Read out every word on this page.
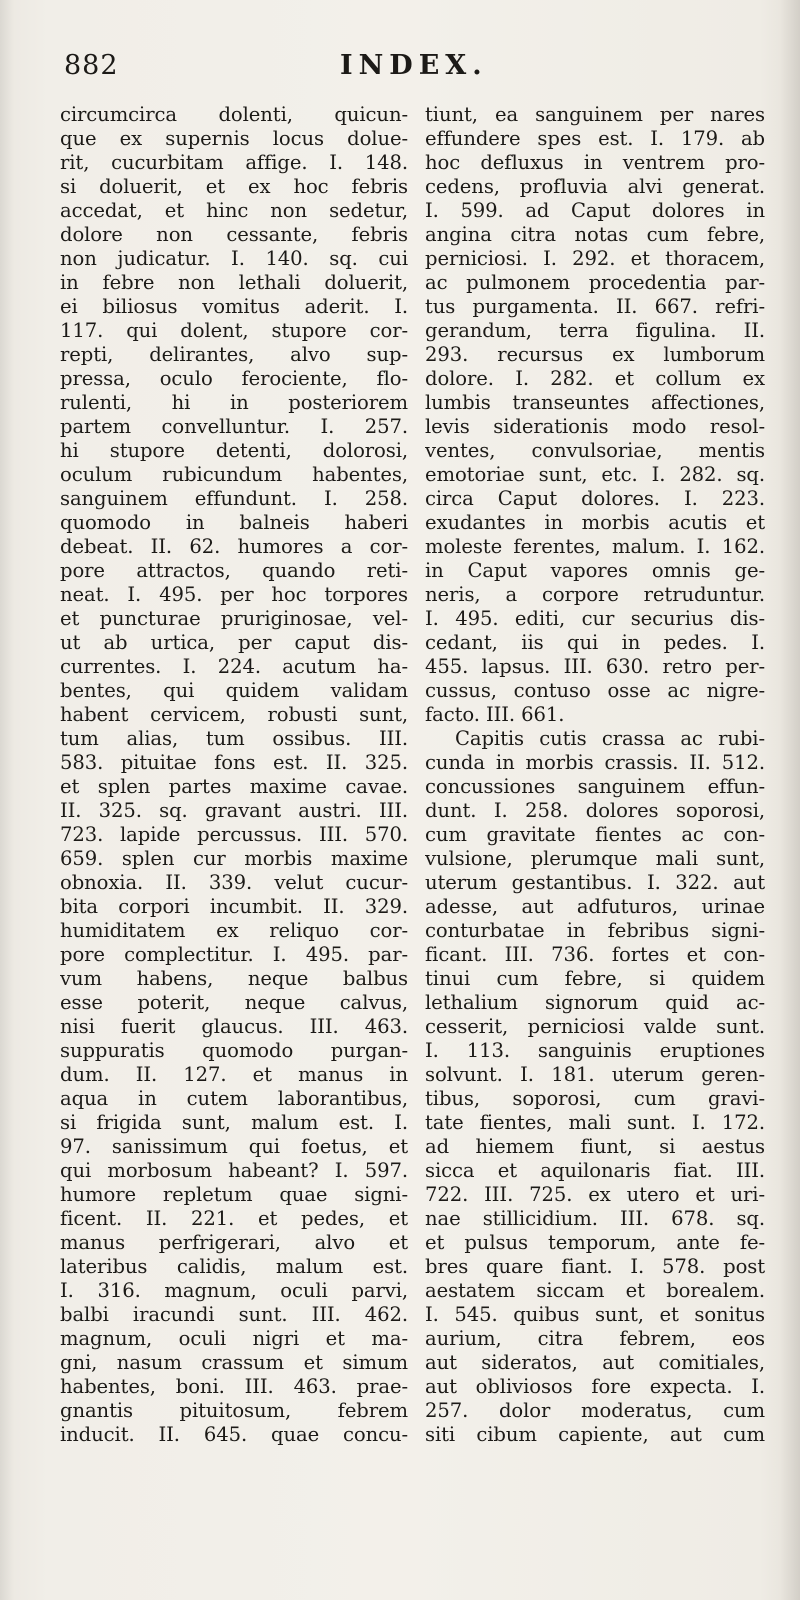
882	INDEX.
circumcirca dolenti, quicun-
que ex supernis locus dolue-
rit, cucurbitam affige. I. 148.
si doluerit, et ex hoc febris
accedat, et hinc non sedetur,
dolore non cessante, febris
non judicatur. I. 140. sq. cui
in febre non lethali doluerit,
ei biliosus vomitus aderit. I.
117. qui dolent, stupore cor-
repti, delirantes, alvo sup-
pressa, oculo ferociente, flo-
rulenti, hi in posteriorem
partem convelluntur. I. 257.
hi stupore detenti, dolorosi,
oculum rubicundum habentes,
sanguinem effundunt. I. 258.
quomodo in balneis haberi
debeat. II. 62. humores a cor-
pore attractos, quando reti-
neat. I. 495. per hoc torpores
et puncturae pruriginosae, vel-
ut ab urtica, per caput dis-
currentes. I. 224. acutum ha-
bentes, qui quidem validam
habent cervicem, robusti sunt,
tum alias, tum ossibus. III.
583. pituitae fons est. II. 325.
et splen partes maxime cavae.
II. 325. sq. gravant austri. III.
723. lapide percussus. III. 570.
659. splen cur morbis maxime
obnoxia. II. 339. velut cucur-
bita corpori incumbit. II. 329.
humiditatem ex reliquo cor-
pore complectitur. I. 495. par-
vum habens, neque balbus
esse poterit, neque calvus,
nisi fuerit glaucus. III. 463.
suppuratis quomodo purgan-
dum. II. 127. et manus in
aqua in cutem laborantibus,
si frigida sunt, malum est. I.
97. sanissimum qui foetus, et
qui morbosum habeant? I. 597.
humore repletum quae signi-
ficent. II. 221. et pedes, et
manus perfrigerari, alvo et
lateribus calidis, malum est.
I. 316. magnum, oculi parvi,
balbi iracundi sunt. III. 462.
magnum, oculi nigri et ma-
gni, nasum crassum et simum
habentes, boni. III. 463. prae-
gnantis pituitosum, febrem
inducit. II. 645. quae concu-
tiunt, ea sanguinem per nares
effundere spes est. I. 179. ab
hoc defluxus in ventrem pro-
cedens, profluvia alvi generat.
I. 599. ad Caput dolores in
angina citra notas cum febre,
perniciosi. I. 292. et thoracem,
ac pulmonem procedentia par-
tus purgamenta. II. 667. refri-
gerandum, terra figulina. II.
293. recursus ex lumborum
dolore. I. 282. et collum ex
lumbis transeuntes affectiones,
levis siderationis modo resol-
ventes, convulsoriae, mentis
emotoriae sunt, etc. I. 282. sq.
circa Caput dolores. I. 223.
exudantes in morbis acutis et
moleste ferentes, malum. I. 162.
in Caput vapores omnis ge-
neris, a corpore retruduntur.
I. 495. editi, cur securius dis-
cedant, iis qui in pedes. I.
455. lapsus. III. 630. retro per-
cussus, contuso osse ac nigre-
facto. III. 661.
Capitis cutis crassa ac rubi-
cunda in morbis crassis. II. 512.
concussiones sanguinem effun-
dunt. I. 258. dolores soporosi,
cum gravitate fientes ac con-
vulsione, plerumque mali sunt,
uterum gestantibus. I. 322. aut
adesse, aut adfuturos, urinae
conturbatae in febribus signi-
ficant. III. 736. fortes et con-
tinui cum febre, si quidem
lethalium signorum quid ac-
cesserit, perniciosi valde sunt.
I. 113. sanguinis eruptiones
solvunt. I. 181. uterum geren-
tibus, soporosi, cum gravi-
tate fientes, mali sunt. I. 172.
ad hiemem fiunt, si aestus
sicca et aquilonaris fiat. III.
722. III. 725. ex utero et uri-
nae stillicidium. III. 678. sq.
et pulsus temporum, ante fe-
bres quare fiant. I. 578. post
aestatem siccam et borealem.
I. 545. quibus sunt, et sonitus
aurium, citra febrem, eos
aut sideratos, aut comitiales,
aut obliviosos fore expecta. I.
257. dolor moderatus, cum
siti cibum capiente, aut cum
